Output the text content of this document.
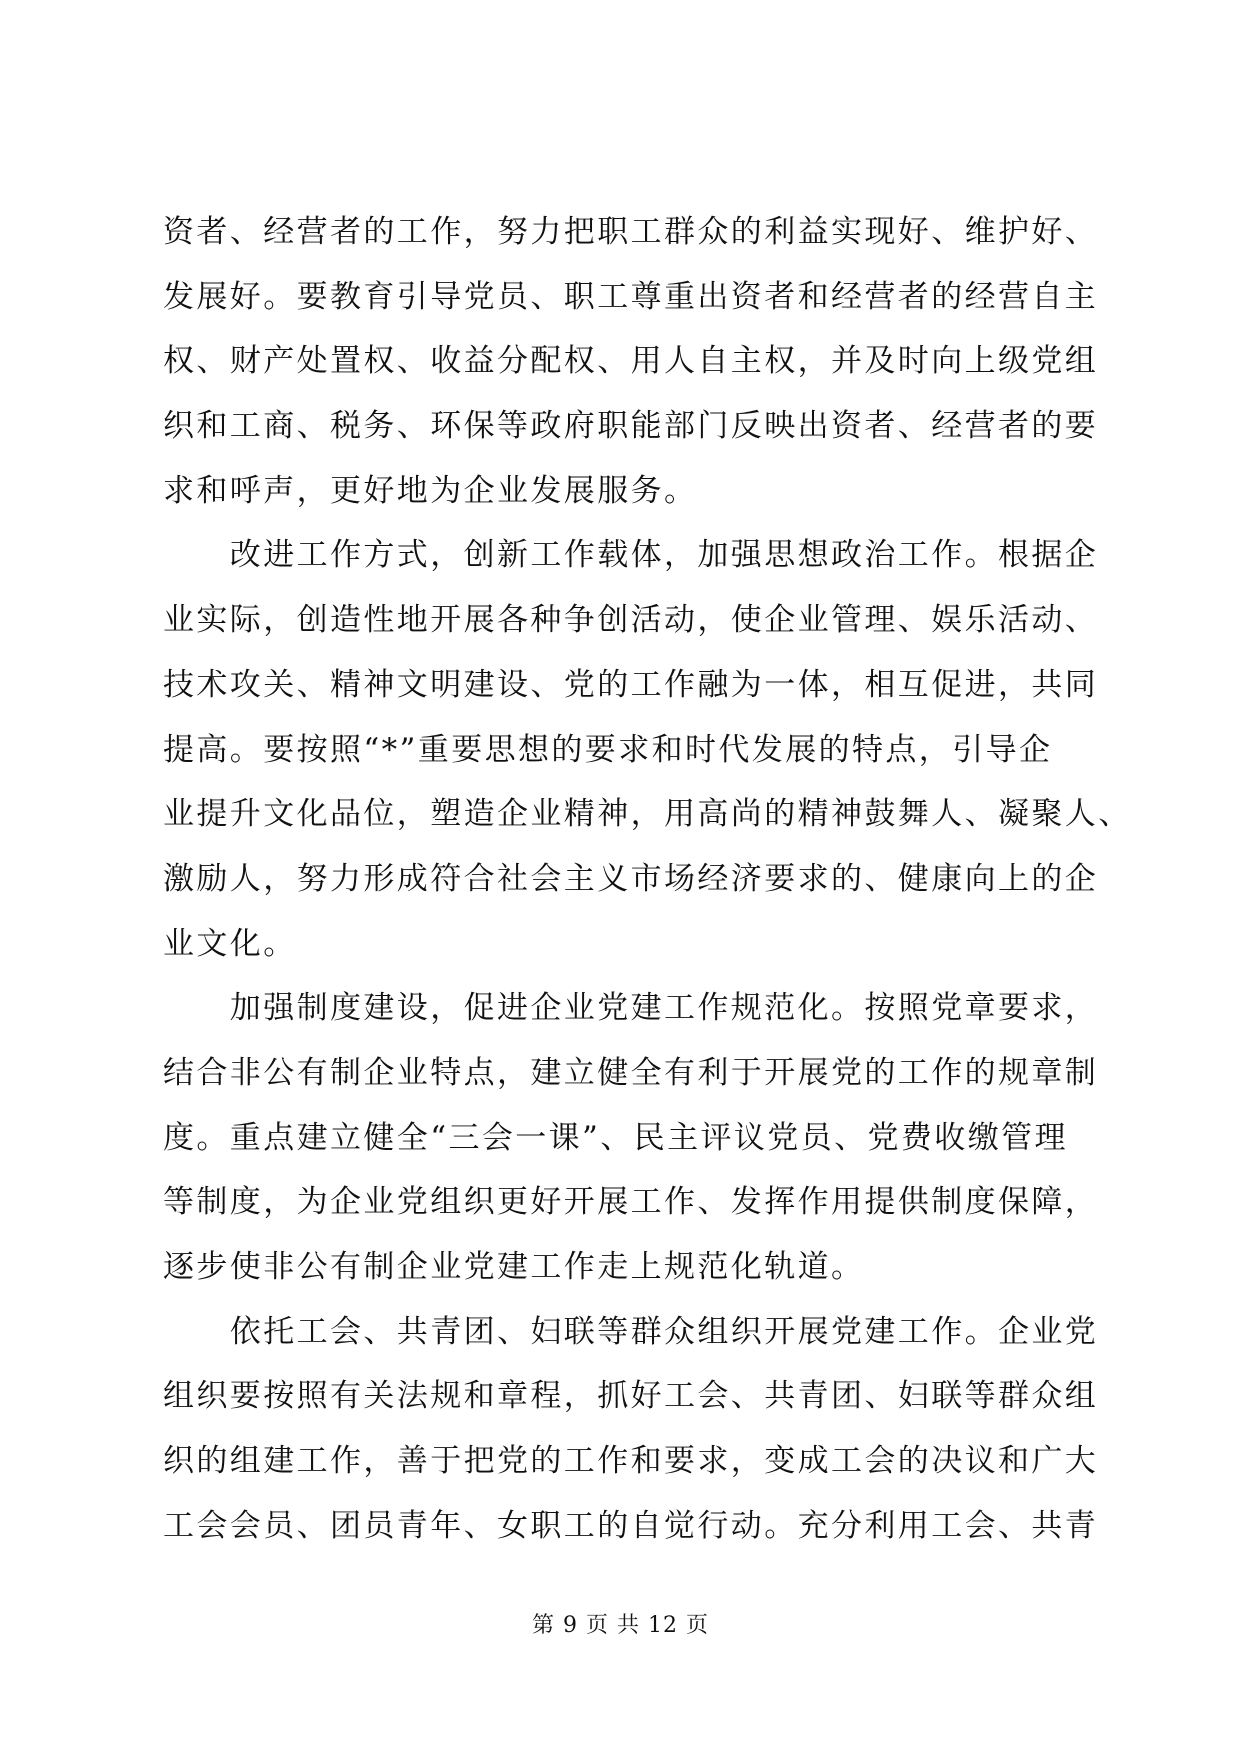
资者、经营者的工作，努力把职工群众的利益实现好、维护好、
发展好。要教育引导党员、职工尊重出资者和经营者的经营自主
权、财产处置权、收益分配权、用人自主权，并及时向上级党组
织和工商、税务、环保等政府职能部门反映出资者、经营者的要
求和呼声，更好地为企业发展服务。
　　改进工作方式，创新工作载体，加强思想政治工作。根据企
业实际，创造性地开展各种争创活动，使企业管理、娱乐活动、
技术攻关、精神文明建设、党的工作融为一体，相互促进，共同
提高。要按照“*”重要思想的要求和时代发展的特点，引导企
业提升文化品位，塑造企业精神，用高尚的精神鼓舞人、凝聚人、
激励人，努力形成符合社会主义市场经济要求的、健康向上的企
业文化。
　　加强制度建设，促进企业党建工作规范化。按照党章要求，
结合非公有制企业特点，建立健全有利于开展党的工作的规章制
度。重点建立健全“三会一课”、民主评议党员、党费收缴管理
等制度，为企业党组织更好开展工作、发挥作用提供制度保障，
逐步使非公有制企业党建工作走上规范化轨道。
　　依托工会、共青团、妇联等群众组织开展党建工作。企业党
组织要按照有关法规和章程，抓好工会、共青团、妇联等群众组
织的组建工作，善于把党的工作和要求，变成工会的决议和广大
工会会员、团员青年、女职工的自觉行动。充分利用工会、共青
第 9 页 共 12 页
